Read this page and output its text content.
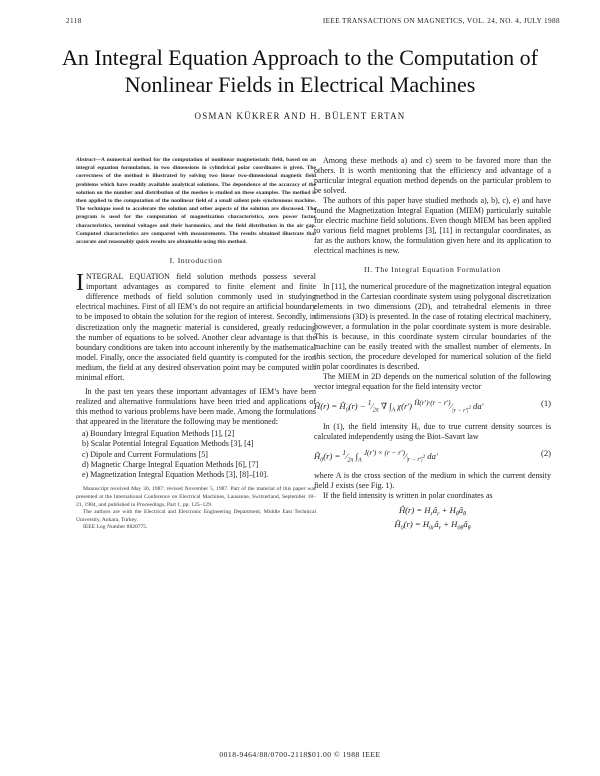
2118	IEEE TRANSACTIONS ON MAGNETICS, VOL. 24, NO. 4, JULY 1988
An Integral Equation Approach to the Computation of
Nonlinear Fields in Electrical Machines
OSMAN KÜKRER AND H. BÜLENT ERTAN
Abstract—A numerical method for the computation of nonlinear magnetostatic field, based on an integral equation formulation, in two dimensions in cylindrical polar coordinates is given. The correctness of the method is illustrated by solving two linear two-dimensional magnetic field problems which have readily available analytical solutions. The dependence of the accuracy of the solution on the number and distribution of the meshes is studied on these examples. The method is then applied to the computation of the nonlinear field of a small salient pole synchronous machine. The technique used to accelerate the solution and other aspects of the solution are discussed. The program is used for the computation of magnetization characteristics, zero power factor characteristics, terminal voltages and their harmonics, and the field distribution in the air gap. Computed characteristics are compared with measurements. The results obtained illustrate that accurate and reasonably quick results are obtainable using this method.
I. Introduction

INTEGRAL EQUATION field solution methods possess several important advantages as compared to finite element and finite difference methods of field solution commonly used in studying electrical machines. First of all IEM’s do not require an artificial boundary to be imposed to obtain the solution for the region of interest. Secondly, in discretization only the magnetic material is considered, greatly reducing the number of equations to be solved. Another clear advantage is that the boundary conditions are taken into account inherently by the mathematical model. Finally, once the associated field quantity is computed for the iron medium, the field at any desired observation point may be computed with minimal effort.

In the past ten years these important advantages of IEM’s have been realized and alternative formulations have been tried and applications of this method to various problems have been made. Among the formulations that appeared in the literature the following may be mentioned:

a) Boundary Integral Equation Methods [1], [2]
b) Scalar Potential Integral Equation Methods [3], [4]
c) Dipole and Current Formulations [5]
d) Magnetic Charge Integral Equation Methods [6], [7]
e) Magnetization Integral Equation Methods [3], [8]–[10].

Manuscript received May 30, 1987; revised November 5, 1987. Part of the material of this paper was presented at the International Conference on Electrical Machines, Lausanne, Switzerland, September 18–21, 1984, and published in Proceedings, Part 1, pp. 125–129.

The authors are with the Electrical and Electronic Engineering Department, Middle East Technical University, Ankara, Turkey.

IEEE Log Number 8820775.

Among these methods a) and c) seem to be favored more than the others. It is worth mentioning that the efficiency and advantage of a particular integral equation method depends on the particular problem to be solved.

The authors of this paper have studied methods a), b), c), e) and have found the Magnetization Integral Equation (MIEM) particularly suitable for electric machine field solutions. Even though MIEM has been applied to various field magnet problems [3], [11] in rectangular coordinates, as far as the authors know, the formulation given here and its application to electrical machines is new.

II. The Integral Equation Formulation

In [11], the numerical procedure of the magnetization integral equation method in the Cartesian coordinate system using polygonal discretization elements in two dimensions (2D), and tetrahedral elements in three dimensions (3D) is presented. In the case of rotating electrical machinery, however, a formulation in the polar coordinate system is more desirable. This is because, in this coordinate system circular boundaries of the machine can be easily treated with the smallest number of elements. In this section, the procedure developed for numerical solution of the field in polar coordinates is described.

The MIEM in 2D depends on the numerical solution of the following vector integral equation for the field intensity vector

Ĥ(r) = $Ĥ_0(r)$ − $^1⁄_{2\pi}$ ∇ $\int_A$ χ(r′) $^{Ĥ(r')\cdot(r - r')}⁄_{|r - r'|^2}$ da′	(1)

In (1), the field intensity H₀ due to true current density sources is calculated independently using the Biot–Savart law

$Ĥ_0(r)$ = $^1⁄_{2\pi}$ $\int_A$ $^{J(r') \times (r - r')}⁄_{|r - r'|^2}$ da′	(2)

where A is the cross section of the medium in which the current density field J exists (see Fig. 1).

If the field intensity is written in polar coordinates as

Ĥ(r) = $H_râ_r$ + $H_\theta â_\theta$
$Ĥ_0(r)$ = $H_{0r}â_r$ + $H_{0\theta}â_\theta$
0018-9464/88/0700-2118$01.00 © 1988 IEEE
